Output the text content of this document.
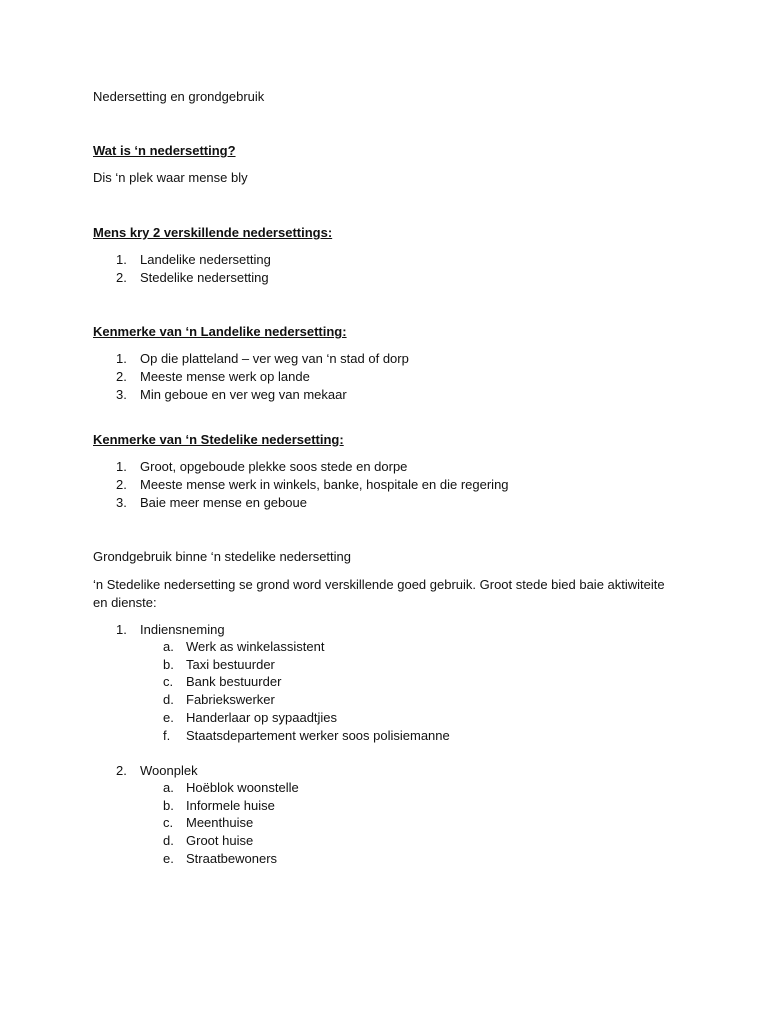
Nedersetting en grondgebruik
Wat is ‘n nedersetting?
Dis ‘n plek waar mense bly
Mens kry 2 verskillende nedersettings:
1. Landelike nedersetting
2. Stedelike nedersetting
Kenmerke van ‘n Landelike nedersetting:
1. Op die platteland – ver weg van ‘n stad of dorp
2. Meeste mense werk op lande
3. Min geboue en ver weg van mekaar
Kenmerke van ‘n Stedelike nedersetting:
1. Groot, opgeboude plekke soos stede en dorpe
2. Meeste mense werk in winkels, banke, hospitale en die regering
3. Baie meer mense en geboue
Grondgebruik binne ‘n stedelike nedersetting
‘n Stedelike nedersetting se grond word verskillende goed gebruik. Groot stede bied baie aktiwiteite
en dienste:
1. Indiensneming
a. Werk as winkelassistent
b. Taxi bestuurder
c. Bank bestuurder
d. Fabriekswerker
e. Handerlaar op sypaadtjies
f. Staatsdepartement werker soos polisiemanne
2. Woonplek
a. Hoëblok woonstelle
b. Informele huise
c. Meenthuise
d. Groot huise
e. Straatbewoners
